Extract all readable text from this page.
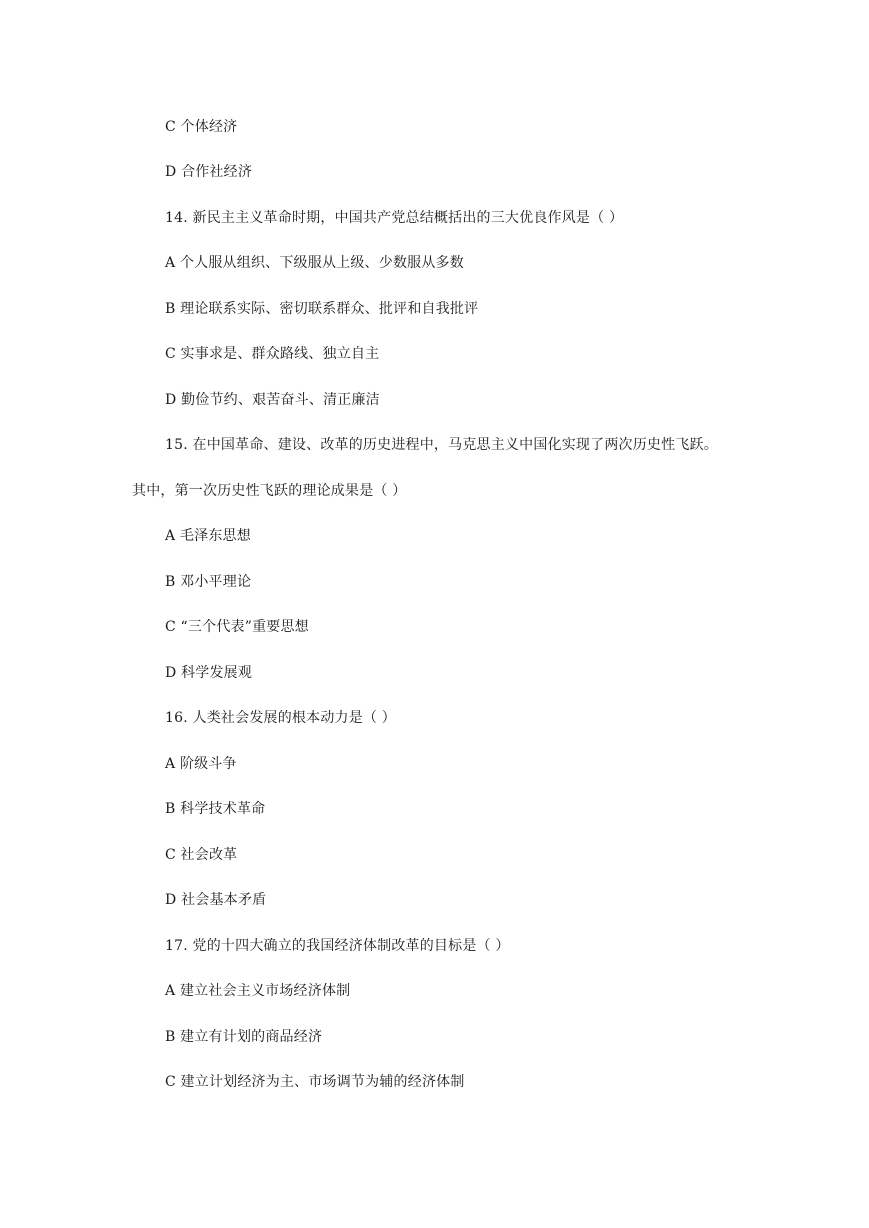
C 个体经济
D 合作社经济
14. 新民主主义革命时期，中国共产党总结概括出的三大优良作风是（ ）
A 个人服从组织、下级服从上级、少数服从多数
B 理论联系实际、密切联系群众、批评和自我批评
C 实事求是、群众路线、独立自主
D 勤俭节约、艰苦奋斗、清正廉洁
15. 在中国革命、建设、改革的历史进程中，马克思主义中国化实现了两次历史性飞跃。
其中，第一次历史性飞跃的理论成果是（ ）
A 毛泽东思想
B 邓小平理论
C “三个代表”重要思想
D 科学发展观
16. 人类社会发展的根本动力是（ ）
A 阶级斗争
B 科学技术革命
C 社会改革
D 社会基本矛盾
17. 党的十四大确立的我国经济体制改革的目标是（ ）
A 建立社会主义市场经济体制
B 建立有计划的商品经济
C 建立计划经济为主、市场调节为辅的经济体制
